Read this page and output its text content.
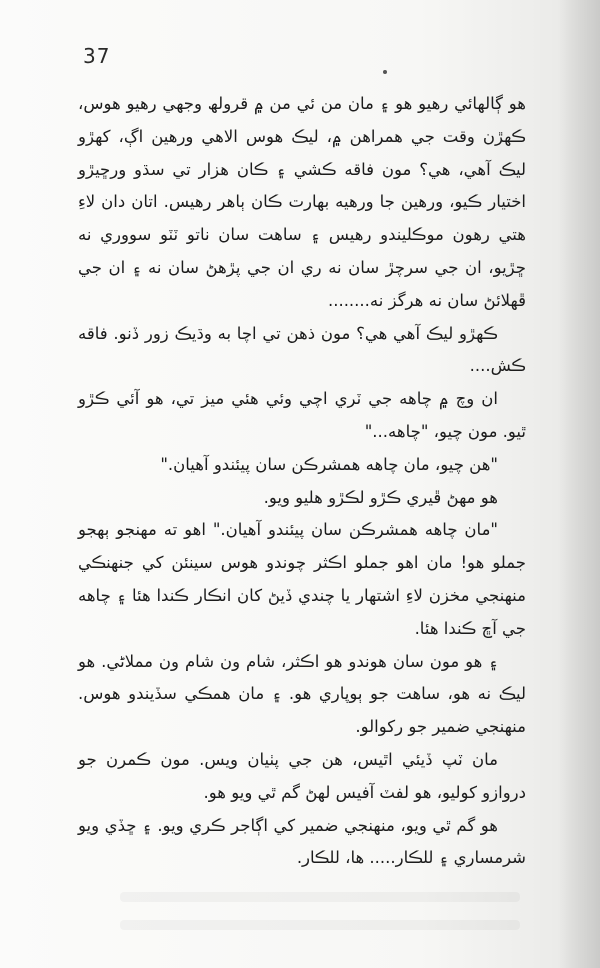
37

هو ڳالهائي رهيو هو ۽ مان من ئي من ۾ قرولھ وجهي رهيو هوس، ڪهڙن وقت جي همراهن ۾، ليڪ هوس الاهي ورهين اڳ، کهڙو ليڪ آهي، هي؟ مون فاقه ڪشي ۽ ڪان هزار تي سڌو ورڇيڙو اختيار ڪيو، ورهين جا ورهيه بهارت ڪان ٻاهر رهيس. اتان دان لاءِ هتي رهون موڪليندو رهيس ۽ ساهت سان ناتو ٽٽو سووري نه ڇڙيو، ان جي سرچڙ سان نه ري ان جي پڙهڻ سان نه ۽ ان جي ڦهلائڻ سان نه هرگز نه........

ڪهڙو ليڪ آهي هي؟ مون ذهن تي اچا به وڌيڪ زور ڏنو. فاقه ڪش....

ان وچ ۾ چاهه جي ٽري اچي وئي هئي ميز تي، هو آئي ڪڙو ٿيو. مون چيو، "چاهه..."

"هن چيو، مان چاهه همشرڪن سان پيئندو آهيان."

هو مهڻ ڦيري ڪڙو لڪڙو هليو ويو.

"مان چاهه همشرڪن سان پيئندو آهيان." اهو ته مهنجو ٻهجو جملو هو! مان اهو جملو اڪثر چوندو هوس سينئن کي جنهنڪي منهنجي مخزن لاءِ اشتهار يا چندي ڏيڻ کان انڪار ڪندا هئا ۽ چاهه جي آڇ ڪندا هئا.

۽ هو مون سان هوندو هو اڪثر، شام ون شام ون مملاڻي. هو ليڪ نه هو، ساهت جو ٻوپاري هو. ۽ مان همڪي سڏيندو هوس. منهنجي ضمير جو رکوالو.

مان ٽپ ڏيئي اٿيس، هن جي پٺيان ويس. مون ڪمرن جو دروازو کوليو، هو لفٽ آفيس لهڻ گم ٿي ويو هو.

هو گم ٿي ويو، منهنجي ضمير کي اڳاجر ڪري ويو. ۽ ڇڏي ويو شرمساري ۽ للڪار..... ها، للڪار.
